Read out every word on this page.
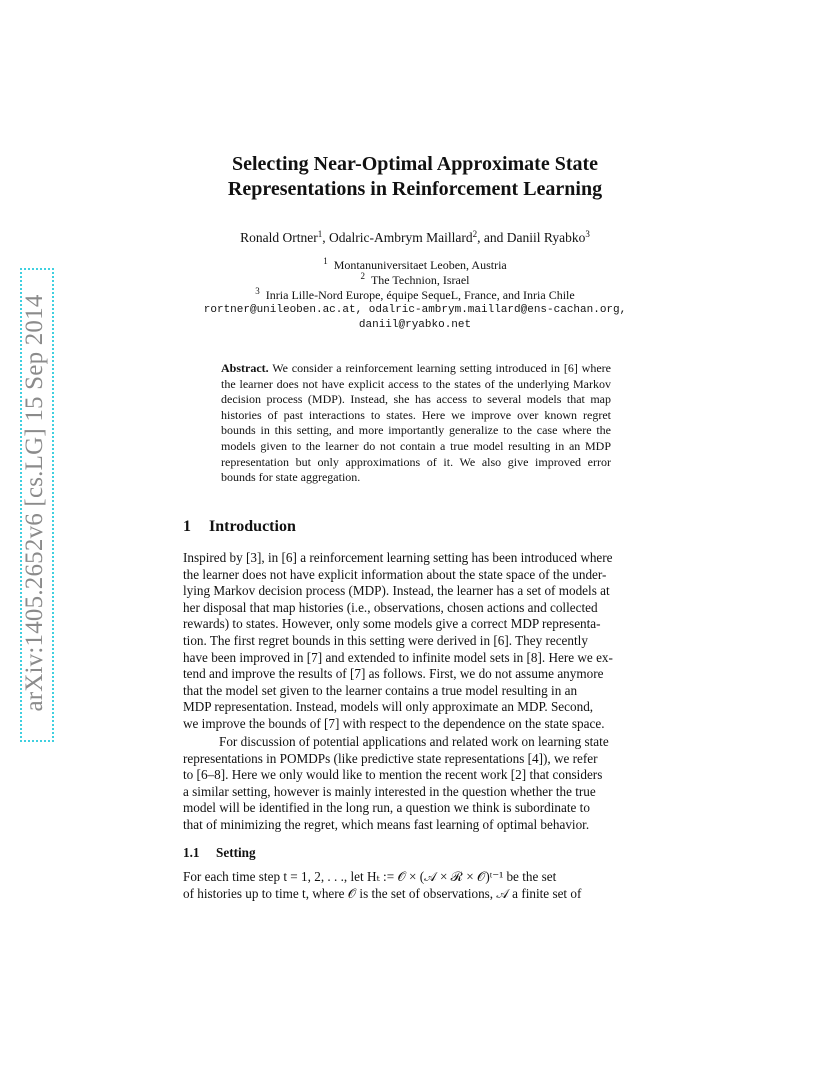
arXiv:1405.2652v6 [cs.LG] 15 Sep 2014
Selecting Near-Optimal Approximate State
Representations in Reinforcement Learning
Ronald Ortner$^1$, Odalric-Ambrym Maillard$^2$, and Daniil Ryabko$^3$
$^1$ Montanuniversitaet Leoben, Austria
$^2$ The Technion, Israel
$^3$ Inria Lille-Nord Europe, équipe SequeL, France, and Inria Chile
rortner@unileoben.ac.at, odalric-ambrym.maillard@ens-cachan.org,
daniil@ryabko.net
Abstract. We consider a reinforcement learning setting introduced in [6] where the learner does not have explicit access to the states of the underlying Markov decision process (MDP). Instead, she has access to several models that map histories of past interactions to states. Here we improve over known regret bounds in this setting, and more importantly generalize to the case where the models given to the learner do not contain a true model resulting in an MDP representation but only approximations of it. We also give improved error bounds for state aggregation.
1 Introduction
Inspired by [3], in [6] a reinforcement learning setting has been introduced where
the learner does not have explicit information about the state space of the under-
lying Markov decision process (MDP). Instead, the learner has a set of models at
her disposal that map histories (i.e., observations, chosen actions and collected
rewards) to states. However, only some models give a correct MDP representa-
tion. The first regret bounds in this setting were derived in [6]. They recently
have been improved in [7] and extended to infinite model sets in [8]. Here we ex-
tend and improve the results of [7] as follows. First, we do not assume anymore
that the model set given to the learner contains a true model resulting in an
MDP representation. Instead, models will only approximate an MDP. Second,
we improve the bounds of [7] with respect to the dependence on the state space.
For discussion of potential applications and related work on learning state
representations in POMDPs (like predictive state representations [4]), we refer
to [6–8]. Here we only would like to mention the recent work [2] that considers
a similar setting, however is mainly interested in the question whether the true
model will be identified in the long run, a question we think is subordinate to
that of minimizing the regret, which means fast learning of optimal behavior.
1.1 Setting
For each time step t = 1, 2, . . ., let Hₜ := 𝒪 × (𝒜 × ℛ × 𝒪)ᵗ⁻¹ be the set
of histories up to time t, where 𝒪 is the set of observations, 𝒜 a finite set of
